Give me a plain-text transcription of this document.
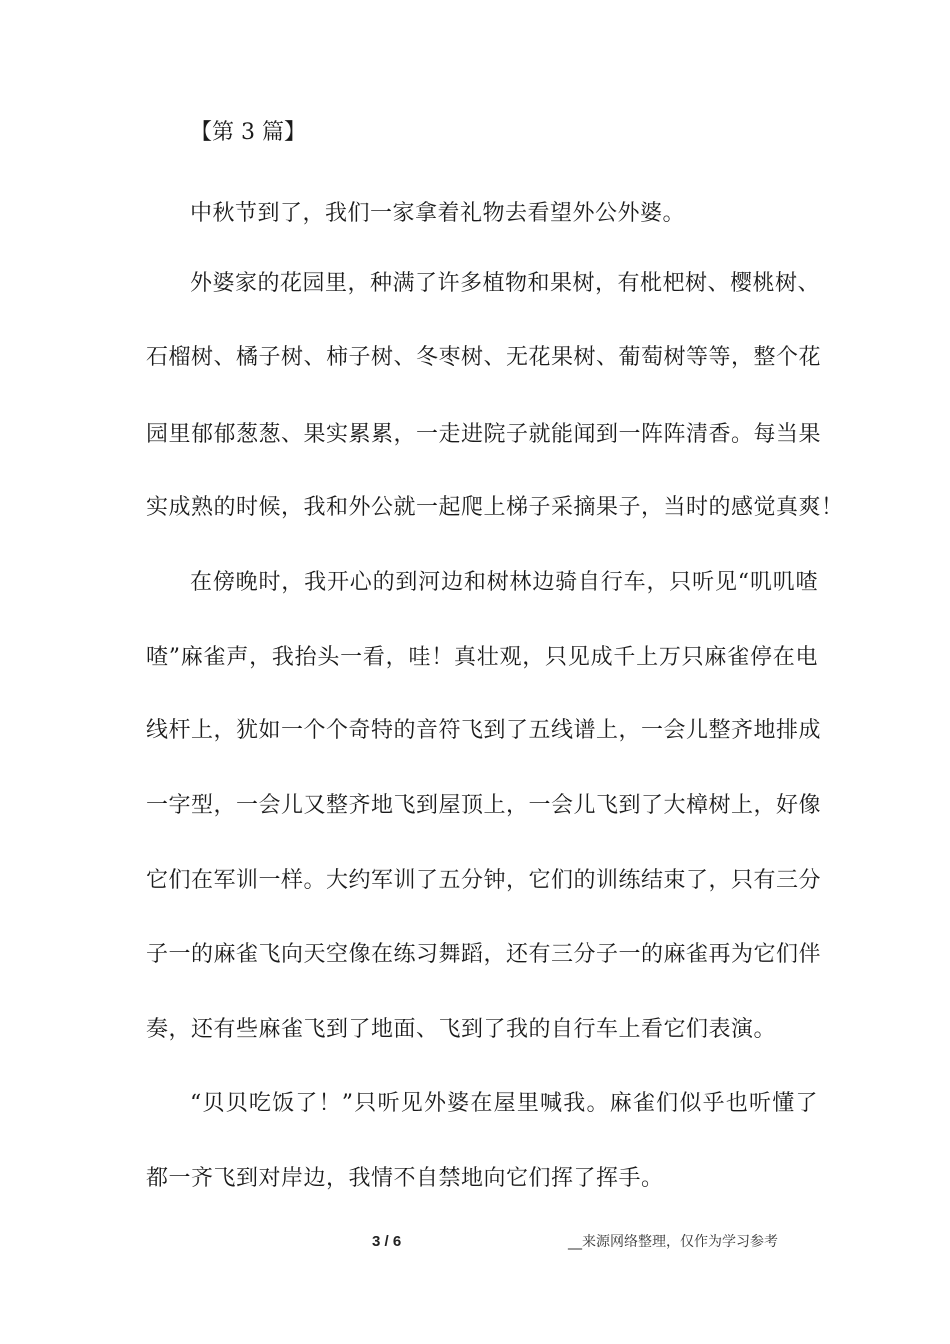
【第 3 篇】
中秋节到了，我们一家拿着礼物去看望外公外婆。
外婆家的花园里，种满了许多植物和果树，有枇杷树、樱桃树、
石榴树、橘子树、柿子树、冬枣树、无花果树、葡萄树等等，整个花
园里郁郁葱葱、果实累累，一走进院子就能闻到一阵阵清香。每当果
实成熟的时候，我和外公就一起爬上梯子采摘果子，当时的感觉真爽！
在傍晚时，我开心的到河边和树林边骑自行车，只听见“叽叽喳
喳”麻雀声，我抬头一看，哇！真壮观，只见成千上万只麻雀停在电
线杆上，犹如一个个奇特的音符飞到了五线谱上，一会儿整齐地排成
一字型，一会儿又整齐地飞到屋顶上，一会儿飞到了大樟树上，好像
它们在军训一样。大约军训了五分钟，它们的训练结束了，只有三分
子一的麻雀飞向天空像在练习舞蹈，还有三分子一的麻雀再为它们伴
奏，还有些麻雀飞到了地面、飞到了我的自行车上看它们表演。
“贝贝吃饭了！”只听见外婆在屋里喊我。麻雀们似乎也听懂了
都一齐飞到对岸边，我情不自禁地向它们挥了挥手。
3 / 6	__来源网络整理，仅作为学习参考
